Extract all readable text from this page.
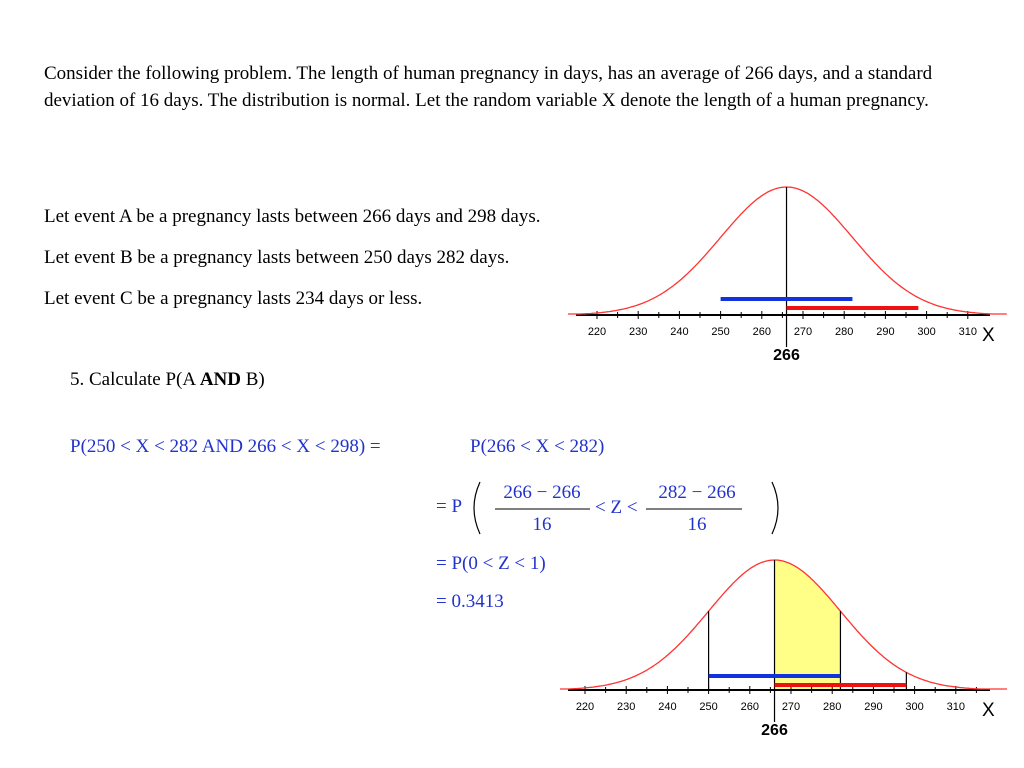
Consider the following problem. The length of human pregnancy in days, has an average of 266 days, and a standard deviation of 16 days. The distribution is normal. Let the random variable X denote the length of a human pregnancy.
Let event A be a pregnancy lasts between 266 days and 298 days.
Let event B be a pregnancy lasts between 250 days 282 days.
Let event C be a pregnancy lasts 234 days or less.
5. Calculate P(A AND B)
P(250 < X < 282 AND 266 < X < 298) =	P(266 < X < 282)
= P
266 − 266
16
< Z <
282 − 266
16
= P(0 < Z < 1)
= 0.3413
220 230 240 250 260 270 280 290 300 310 X
266
220 230 240 250 260 270 280 290 300 310 X
266
